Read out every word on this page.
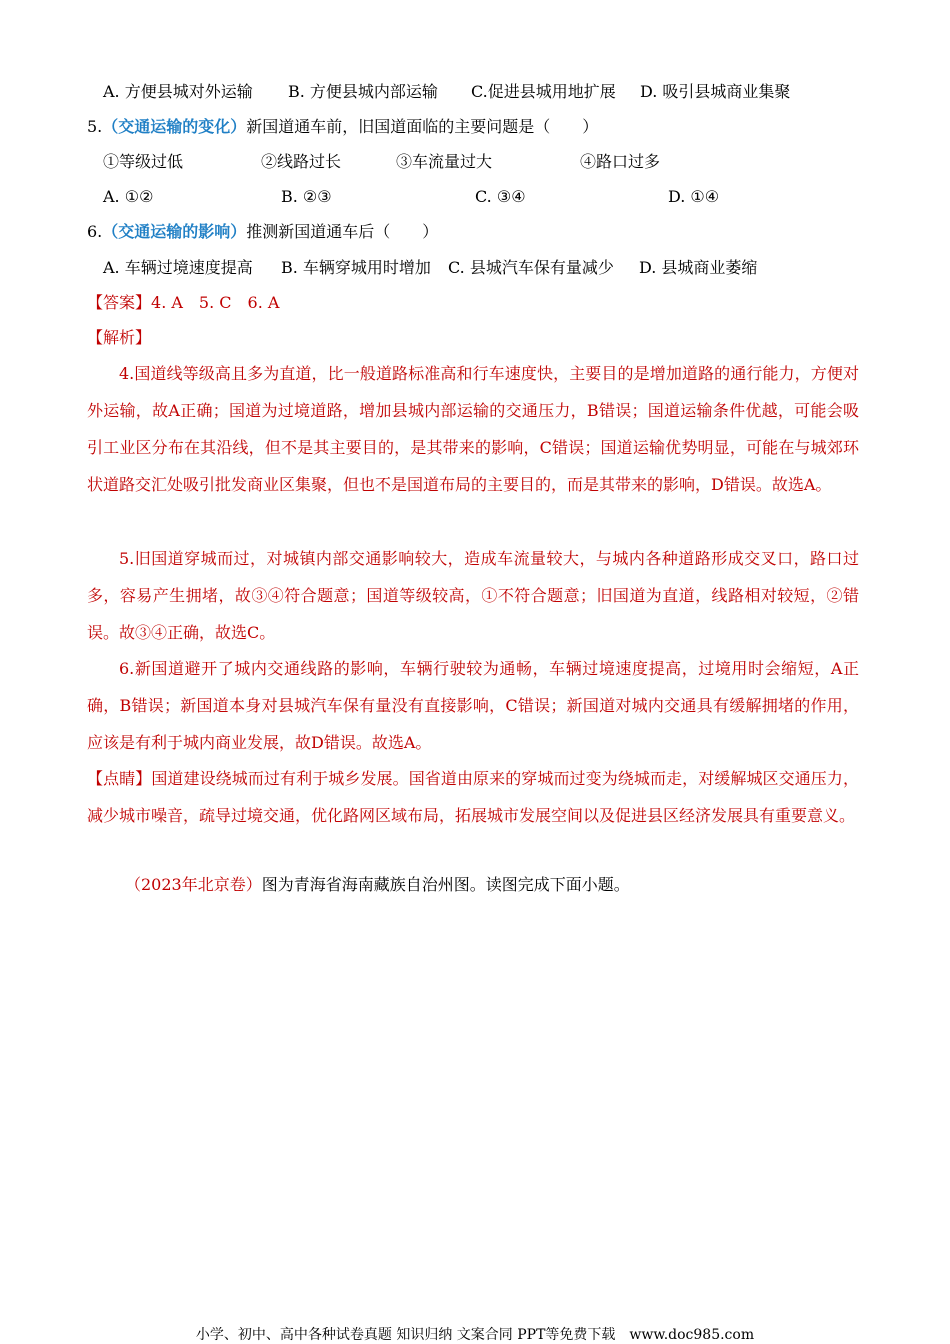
A. 方便县城对外运输 B. 方便县城内部运输 C.促进县城用地扩展 D. 吸引县城商业集聚
5.（交通运输的变化）新国道通车前，旧国道面临的主要问题是（　　）
①等级过低	②线路过长	③车流量过大	④路口过多
A. ①②	B. ②③	C. ③④	D. ①④
6.（交通运输的影响）推测新国道通车后（　　）
A. 车辆过境速度提高 B. 车辆穿城用时增加 C. 县城汽车保有量减少 D. 县城商业萎缩
【答案】4. A　5. C　6. A
【解析】
4.国道线等级高且多为直道，比一般道路标准高和行车速度快，主要目的是增加道路的通行能力，方便对外运输，故A正确；国道为过境道路，增加县城内部运输的交通压力，B错误；国道运输条件优越，可能会吸引工业区分布在其沿线，但不是其主要目的，是其带来的影响，C错误；国道运输优势明显，可能在与城郊环状道路交汇处吸引批发商业区集聚，但也不是国道布局的主要目的，而是其带来的影响，D错误。故选A。
5.旧国道穿城而过，对城镇内部交通影响较大，造成车流量较大，与城内各种道路形成交叉口，路口过多，容易产生拥堵，故③④符合题意；国道等级较高，①不符合题意；旧国道为直道，线路相对较短，②错误。故③④正确，故选C。
6.新国道避开了城内交通线路的影响，车辆行驶较为通畅，车辆过境速度提高，过境用时会缩短，A正确，B错误；新国道本身对县城汽车保有量没有直接影响，C错误；新国道对城内交通具有缓解拥堵的作用，应该是有利于城内商业发展，故D错误。故选A。
【点睛】国道建设绕城而过有利于城乡发展。国省道由原来的穿城而过变为绕城而走，对缓解城区交通压力，减少城市噪音，疏导过境交通，优化路网区域布局，拓展城市发展空间以及促进县区经济发展具有重要意义。
（2023年北京卷）图为青海省海南藏族自治州图。读图完成下面小题。
小学、初中、高中各种试卷真题 知识归纳 文案合同 PPT等免费下载　www.doc985.com
